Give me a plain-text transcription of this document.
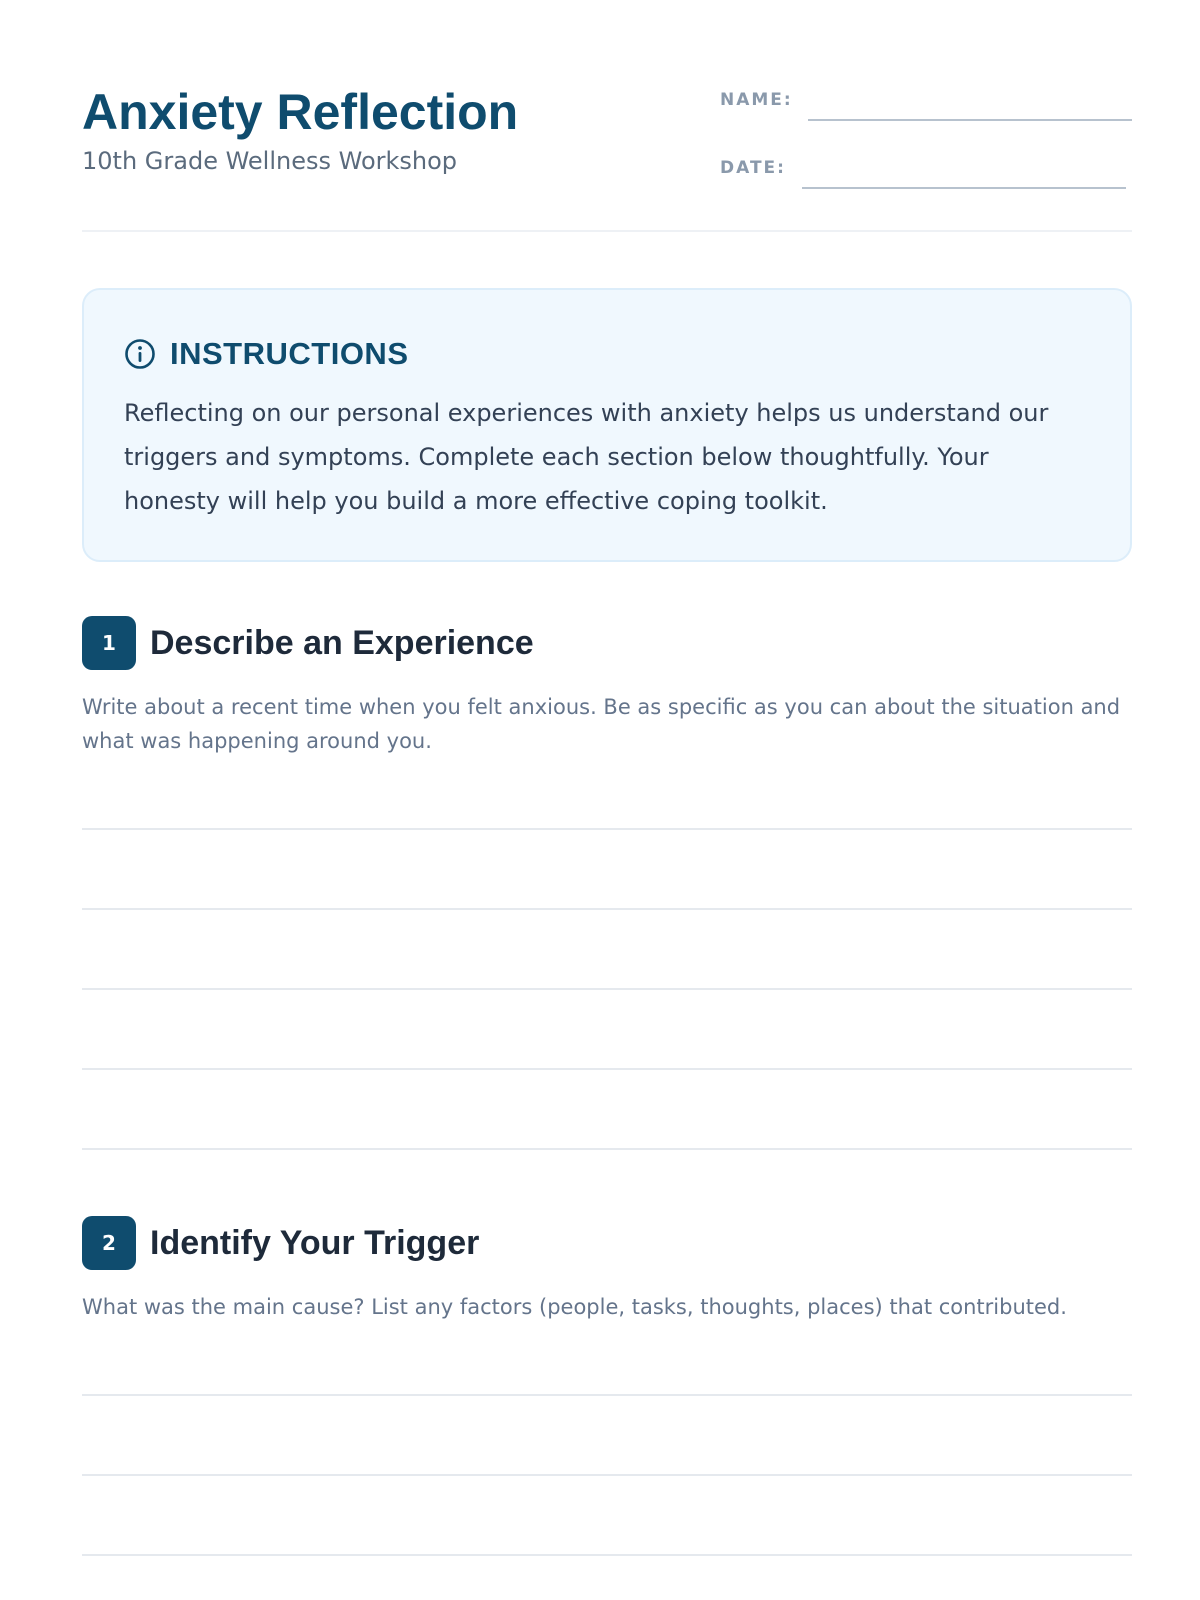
Anxiety Reflection
10th Grade Wellness Workshop
NAME:
DATE:
INSTRUCTIONS

Reflecting on our personal experiences with anxiety helps us understand our triggers and symptoms. Complete each section below thoughtfully. Your honesty will help you build a more effective coping toolkit.

1	Describe an Experience

Write about a recent time when you felt anxious. Be as specific as you can about the situation and what was happening around you.

2	Identify Your Trigger

What was the main cause? List any factors (people, tasks, thoughts, places) that contributed.
